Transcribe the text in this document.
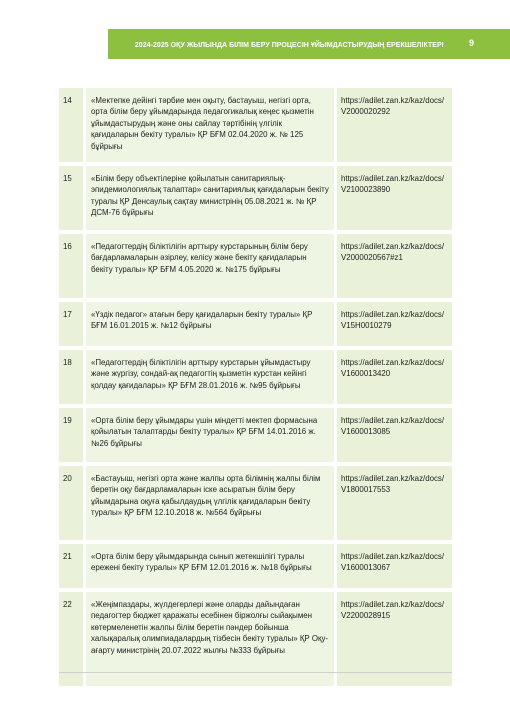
2024-2025 ОҚУ ЖЫЛЫНДА БІЛІМ БЕРУ ПРОЦЕСІН ҰЙЫМДАСТЫРУДЫҢ ЕРЕКШЕЛІКТЕРІ	9
14	«Мектепке дейінгі тәрбие мен оқыту, бастауыш, негізгі орта, орта білім беру ұйымдарында педагогикалық кеңес қызметін ұйымдастырудың және оны сайлау тәртібінің үлгілік қағидаларын бекіту туралы» ҚР БҒМ 02.04.2020 ж. № 125 бұйрығы
https://adilet.zan.kz/kaz/docs/V2000020292
15	«Білім беру объектілеріне қойылатын санитариялық-эпидемиологиялық талаптар» санитариялық қағидаларын бекіту туралы ҚР Денсаулық сақтау министрінің 05.08.2021 ж. № ҚР ДСМ-76 бұйрығы
https://adilet.zan.kz/kaz/docs/V2100023890
16	«Педагогтердің біліктілігін арттыру курстарының білім беру бағдарламаларын әзірлеу, келісу және бекіту қағидаларын бекіту туралы» ҚР БҒМ 4.05.2020 ж. №175 бұйрығы
https://adilet.zan.kz/kaz/docs/V2000020567#z1
17	«Үздік педагог» атағын беру қағидаларын бекіту туралы» ҚР БҒМ 16.01.2015 ж. №12 бұйрығы
https://adilet.zan.kz/kaz/docs/V15H0010279
18	«Педагогтердің біліктілігін арттыру курстарын ұйымдастыру және жүргізу, сондай-ақ педагогтің қызметін курстан кейінгі қолдау қағидалары» ҚР БҒМ 28.01.2016 ж. №95 бұйрығы
https://adilet.zan.kz/kaz/docs/V1600013420
19	«Орта білім беру ұйымдары үшін міндетті мектеп формасына қойылатын талаптарды бекіту туралы» ҚР БҒМ 14.01.2016 ж. №26 бұйрығы
https://adilet.zan.kz/kaz/docs/V1600013085
20	«Бастауыш, негізгі орта және жалпы орта білімнің жалпы білім беретін оқу бағдарламаларын іске асыратын білім беру ұйымдарына оқуға қабылдаудың үлгілік қағидаларын бекіту туралы» ҚР БҒМ 12.10.2018 ж. №564 бұйрығы
https://adilet.zan.kz/kaz/docs/V1800017553
21	«Орта білім беру ұйымдарында сынып жетекшілігі туралы ережені бекіту туралы» ҚР БҒМ 12.01.2016 ж. №18 бұйрығы
https://adilet.zan.kz/kaz/docs/V1600013067
22	«Жеңімпаздары, жүлдегерлері және оларды дайындаған педагогтер бюджет қаражаты есебінен біржолғы сыйақымен көтермеленетін жалпы білім беретін пәндер бойынша халықаралық олимпиадалардың тізбесін бекіту туралы» ҚР Оқу-ағарту министрінің 20.07.2022 жылғы №333 бұйрығы
https://adilet.zan.kz/kaz/docs/V2200028915
